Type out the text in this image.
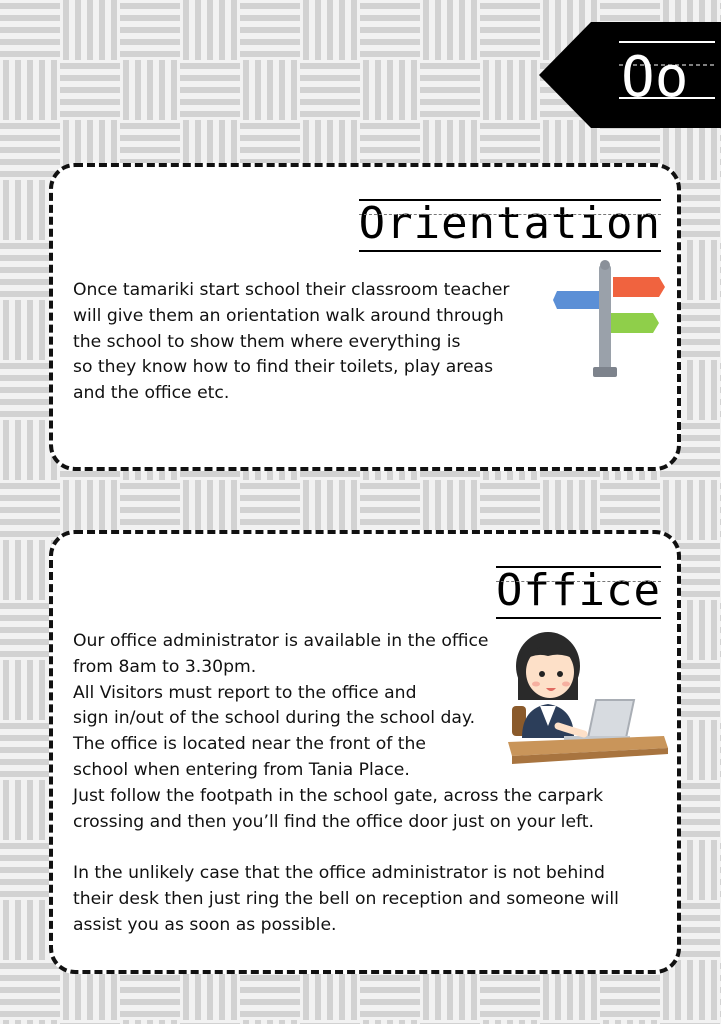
Oo
Orientation

Once tamariki start school their classroom teacher

will give them an orientation walk around through

the school to show them where everything is

so they know how to find their toilets, play areas

and the office etc.

Office

Our office administrator is available in the office

from 8am to 3.30pm.

All Visitors must report to the office and

sign in/out of the school during the school day.

The office is located near the front of the

school when entering from Tania Place.

Just follow the footpath in the school gate, across the carpark

crossing and then you’ll find the office door just on your left.

In the unlikely case that the office administrator is not behind

their desk then just ring the bell on reception and someone will

assist you as soon as possible.
